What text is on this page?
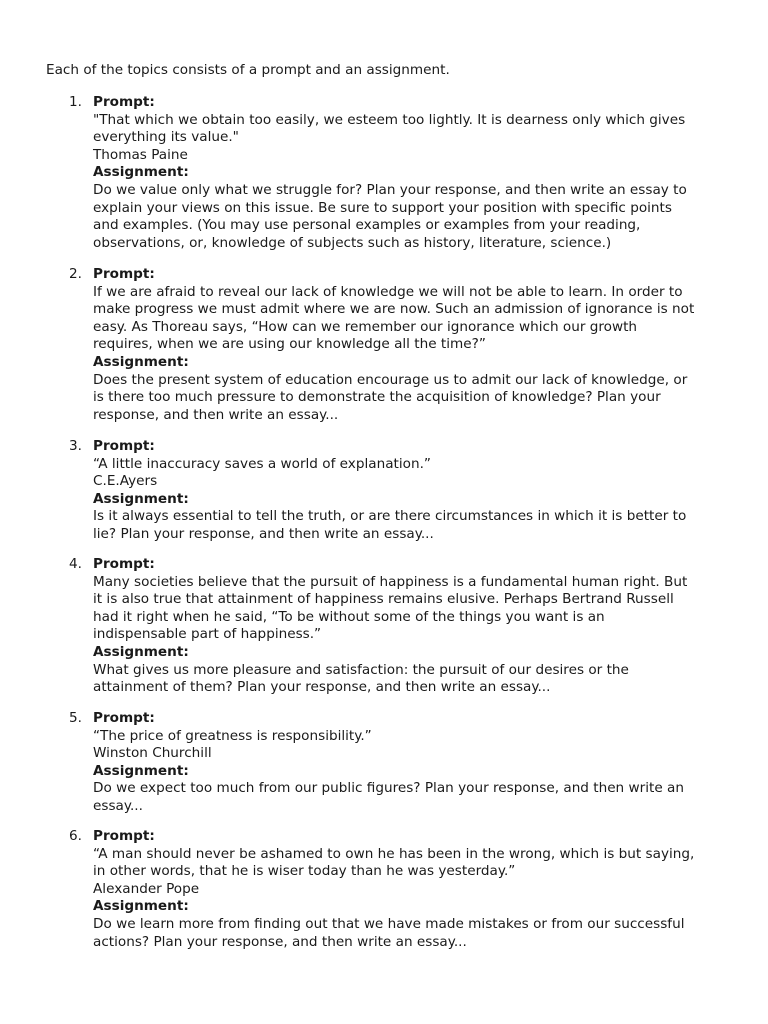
Each of the topics consists of a prompt and an assignment.
1. Prompt:
"That which we obtain too easily, we esteem too lightly. It is dearness only which gives
everything its value."
Thomas Paine
Assignment:
Do we value only what we struggle for? Plan your response, and then write an essay to
explain your views on this issue. Be sure to support your position with specific points
and examples. (You may use personal examples or examples from your reading,
observations, or, knowledge of subjects such as history, literature, science.)
2. Prompt:
If we are afraid to reveal our lack of knowledge we will not be able to learn. In order to
make progress we must admit where we are now. Such an admission of ignorance is not
easy. As Thoreau says, “How can we remember our ignorance which our growth
requires, when we are using our knowledge all the time?”
Assignment:
Does the present system of education encourage us to admit our lack of knowledge, or
is there too much pressure to demonstrate the acquisition of knowledge? Plan your
response, and then write an essay...
3. Prompt:
“A little inaccuracy saves a world of explanation.”
C.E.Ayers
Assignment:
Is it always essential to tell the truth, or are there circumstances in which it is better to
lie? Plan your response, and then write an essay...
4. Prompt:
Many societies believe that the pursuit of happiness is a fundamental human right. But
it is also true that attainment of happiness remains elusive. Perhaps Bertrand Russell
had it right when he said, “To be without some of the things you want is an
indispensable part of happiness.”
Assignment:
What gives us more pleasure and satisfaction: the pursuit of our desires or the
attainment of them? Plan your response, and then write an essay...
5. Prompt:
“The price of greatness is responsibility.”
Winston Churchill
Assignment:
Do we expect too much from our public figures? Plan your response, and then write an
essay...
6. Prompt:
“A man should never be ashamed to own he has been in the wrong, which is but saying,
in other words, that he is wiser today than he was yesterday.”
Alexander Pope
Assignment:
Do we learn more from finding out that we have made mistakes or from our successful
actions? Plan your response, and then write an essay...
